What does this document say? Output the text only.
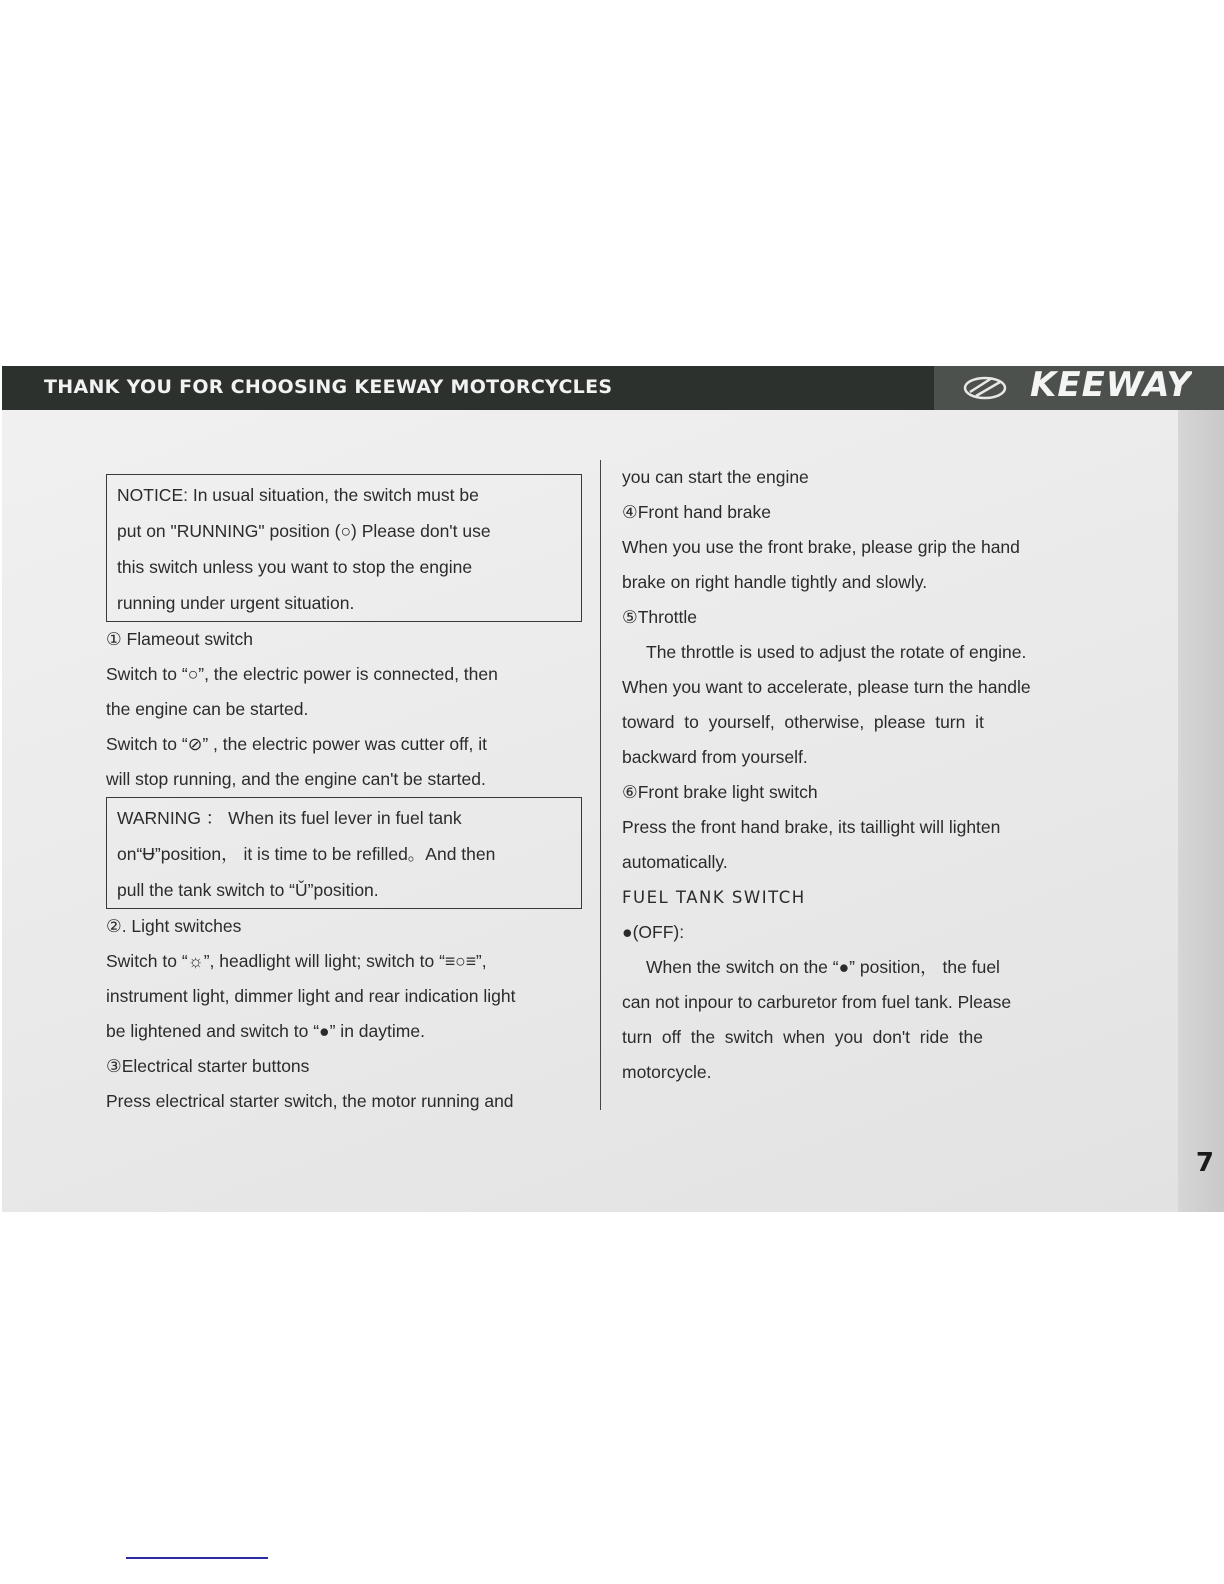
THANK YOU FOR CHOOSING KEEWAY MOTORCYCLES	KEEWAY
7

NOTICE: In usual situation, the switch must be

put on "RUNNING" position (○) Please don't use

this switch unless you want to stop the engine

running under urgent situation.

① Flameout switch

Switch to “○”, the electric power is connected, then

the engine can be started.

Switch to “⊘” , the electric power was cutter off, it

will stop running, and the engine can't be started.

WARNING ： When its fuel lever in fuel tank

on“Ʉ”position， it is time to be refilled。And then

pull the tank switch to “Ǔ”position.

②. Light switches

Switch to “☼”, headlight will light; switch to “≡○≡”,

instrument light, dimmer light and rear indication light

be lightened and switch to “●” in daytime.

③Electrical starter buttons

Press electrical starter switch, the motor running and

you can start the engine

④Front hand brake

When you use the front brake, please grip the hand

brake on right handle tightly and slowly.

⑤Throttle

The throttle is used to adjust the rotate of engine.

When you want to accelerate, please turn the handle

toward  to  yourself,  otherwise,  please  turn  it

backward from yourself.

⑥Front brake light switch

Press the front hand brake, its taillight will lighten

automatically.

FUEL TANK SWITCH

●(OFF):

When the switch on the “●” position， the fuel

can not inpour to carburetor from fuel tank. Please

turn  off  the  switch  when  you  don't  ride  the

motorcycle.
